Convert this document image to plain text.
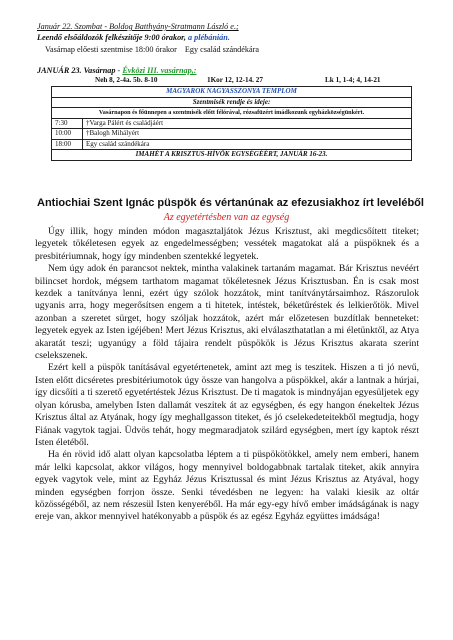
Január 22. Szombat - Boldog Batthyány-Stratmann László e.;
Leendő elsőáldozók felkészítője 9:00 órakor, a plébánián.
Vasárnap előesti szentmise 18:00 órakor Egy család szándékára
JANUÁR 23. Vasárnap - Évközi III. vasárnap,:
Neh 8, 2-4a. 5b. 8-10	1Kor 12, 12-14. 27	Lk 1, 1-4; 4, 14-21
MAGYAROK NAGYASSZONYA TEMPLOM	
Szentmisék rendje és ideje:	
Vasárnapon és főünnepen a szentmisék előtt félórával, rózsafüzért imádkozunk egyházközségünkért.	
7:30	†Varga Pálért és családjáért
10:00	†Balogh Mihályért
18:00	Egy család szándékára
IMAHÉT A KRISZTUS-HÍVŐK EGYSÉGÉÉRT, JANUÁR 16-23.	
Antiochiai Szent Ignác püspök és vértanúnak az efezusiakhoz írt leveléből
Az egyetértésben van az egység

Úgy illik, hogy minden módon magasztaljátok Jézus Krisztust, aki megdicsőített titeket; legyetek tökéletesen egyek az engedelmességben; vessétek magatokat alá a püspöknek és a presbitériumnak, hogy így mindenben szentekké legyetek.

Nem úgy adok én parancsot nektek, mintha valakinek tartanám magamat. Bár Krisztus nevéért bilincset hordok, mégsem tarthatom magamat tökéletesnek Jézus Krisztusban. Én is csak most kezdek a tanítványa lenni, ezért úgy szólok hozzátok, mint tanítványtársaimhoz. Rászorulok ugyanis arra, hogy megerősítsen engem a ti hitetek, intéstek, béketűréstek és lelkierőtök. Mivel azonban a szeretet sürget, hogy szóljak hozzátok, azért már előzetesen buzdítlak benneteket: legyetek egyek az Isten igéjében! Mert Jézus Krisztus, aki elválaszthatatlan a mi életünktől, az Atya akaratát teszi; ugyanúgy a föld tájaira rendelt püspökök is Jézus Krisztus akarata szerint cselekszenek.

Ezért kell a püspök tanításával egyetértenetek, amint azt meg is teszitek. Hiszen a ti jó nevű, Isten előtt dicséretes presbitériumotok úgy össze van hangolva a püspökkel, akár a lantnak a húrjai, így dicsőíti a ti szerető egyetértéstek Jézus Krisztust. De ti magatok is mindnyájan egyesüljetek egy olyan kórusba, amelyben Isten dallamát veszitek át az egységben, és egy hangon énekeltek Jézus Krisztus által az Atyának, hogy így meghallgasson titeket, és jó cselekedeteitekből megtudja, hogy Fiának vagytok tagjai. Üdvös tehát, hogy megmaradjatok szilárd egységben, mert így kaptok részt Isten életéből.

Ha én rövid idő alatt olyan kapcsolatba léptem a ti püspökötökkel, amely nem emberi, hanem már lelki kapcsolat, akkor világos, hogy mennyivel boldogabbnak tartalak titeket, akik annyira egyek vagytok vele, mint az Egyház Jézus Krisztussal és mint Jézus Krisztus az Atyával, hogy minden egységben forrjon össze. Senki tévedésben ne legyen: ha valaki kiesik az oltár közösségéből, az nem részesül Isten kenyeréből. Ha már egy-egy hívő ember imádságának is nagy ereje van, akkor mennyivel hatékonyabb a püspök és az egész Egyház együttes imádsága!
